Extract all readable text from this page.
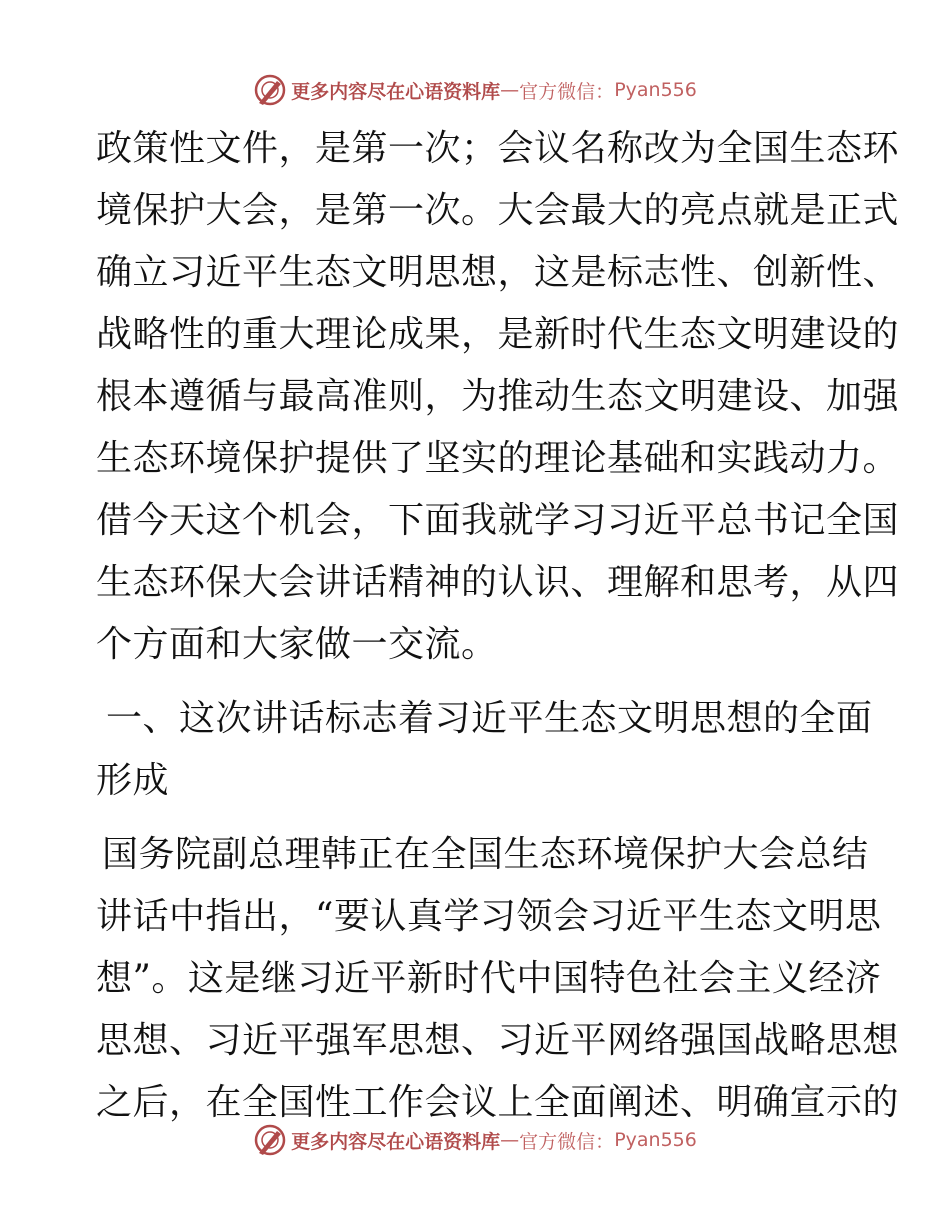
更多内容尽在心语资料库 — 官方微信： Pyan556
政策性文件，是第一次；会议名称改为全国生态环
境保护大会，是第一次。大会最大的亮点就是正式
确立习近平生态文明思想，这是标志性、创新性、
战略性的重大理论成果，是新时代生态文明建设的
根本遵循与最高准则，为推动生态文明建设、加强
生态环境保护提供了坚实的理论基础和实践动力。
借今天这个机会，下面我就学习习近平总书记全国
生态环保大会讲话精神的认识、理解和思考，从四
个方面和大家做一交流。
一、这次讲话标志着习近平生态文明思想的全面
形成
国务院副总理韩正在全国生态环境保护大会总结
讲话中指出，“要认真学习领会习近平生态文明思
想”。这是继习近平新时代中国特色社会主义经济
思想、习近平强军思想、习近平网络强国战略思想
之后，在全国性工作会议上全面阐述、明确宣示的
更多内容尽在心语资料库 — 官方微信： Pyan556
